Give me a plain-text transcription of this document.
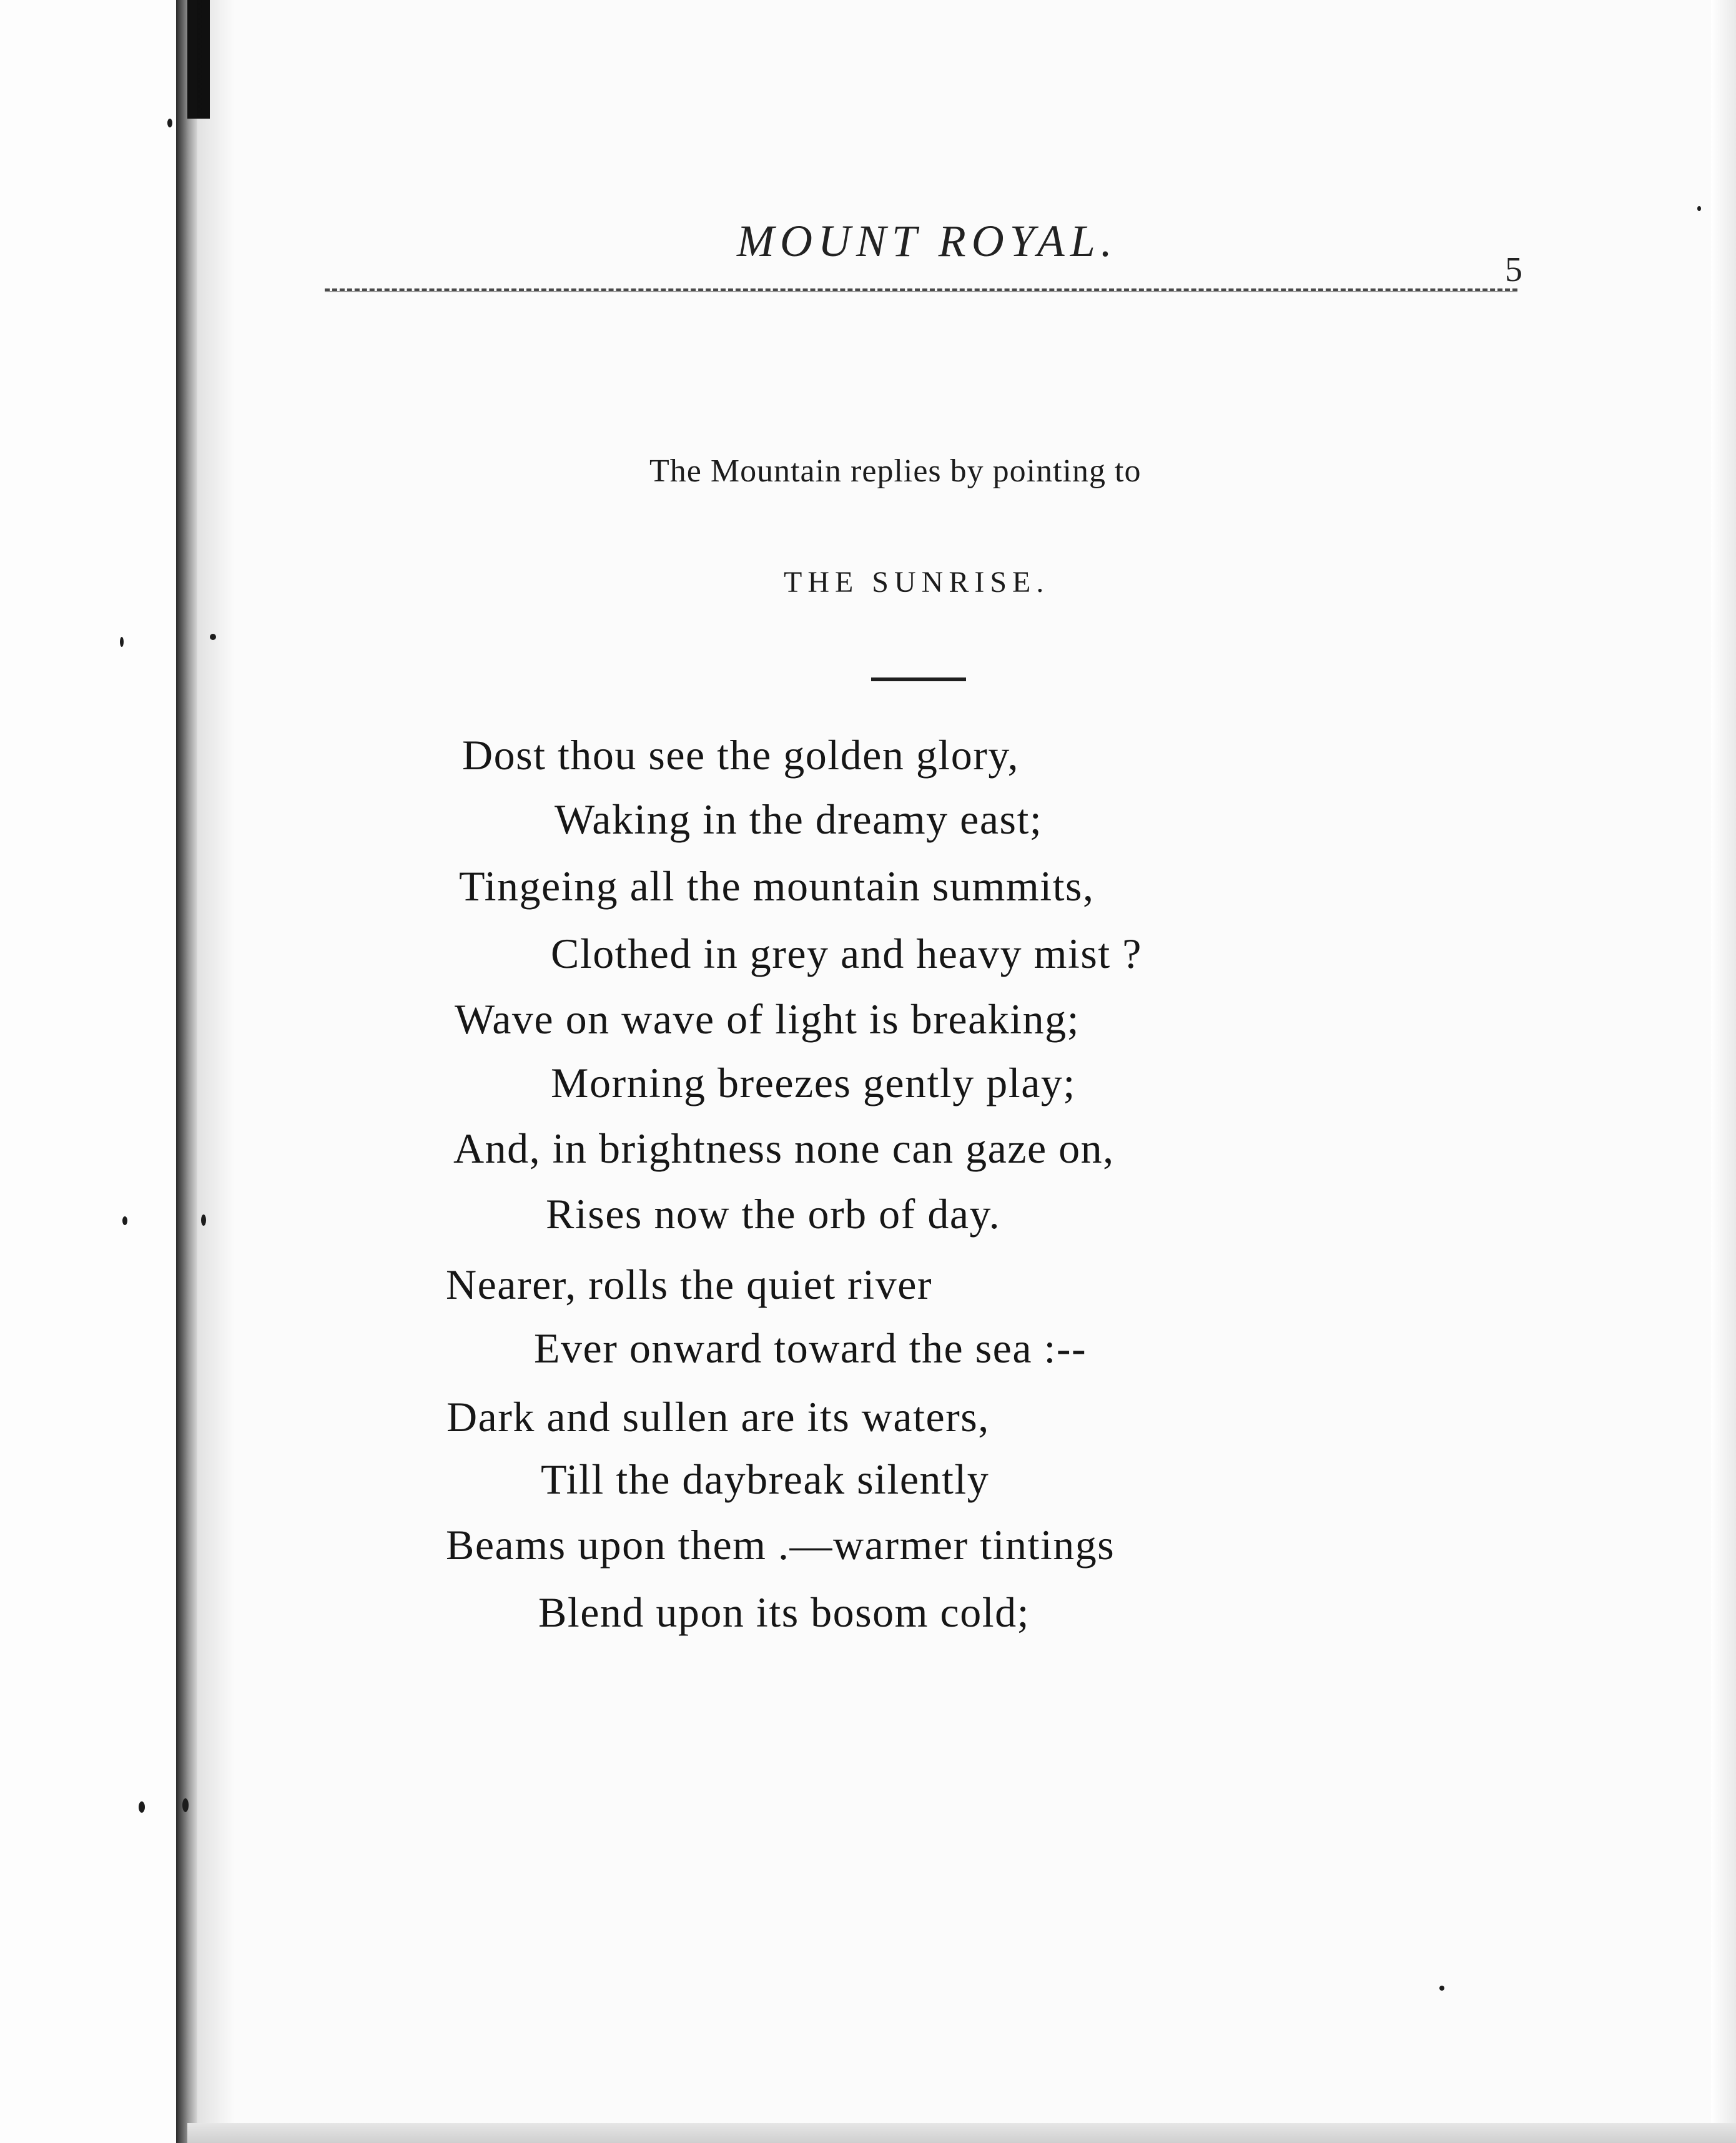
MOUNT ROYAL.
5
The Mountain replies by pointing to
THE SUNRISE.
Dost thou see the golden glory,
Waking in the dreamy east;
Tingeing all the mountain summits,
Clothed in grey and heavy mist ?
Wave on wave of light is breaking;
Morning breezes gently play;
And, in brightness none can gaze on,
Rises now the orb of day.
Nearer, rolls the quiet river
Ever onward toward the sea :--
Dark and sullen are its waters,
Till the daybreak silently
Beams upon them .—warmer tintings
Blend upon its bosom cold;
